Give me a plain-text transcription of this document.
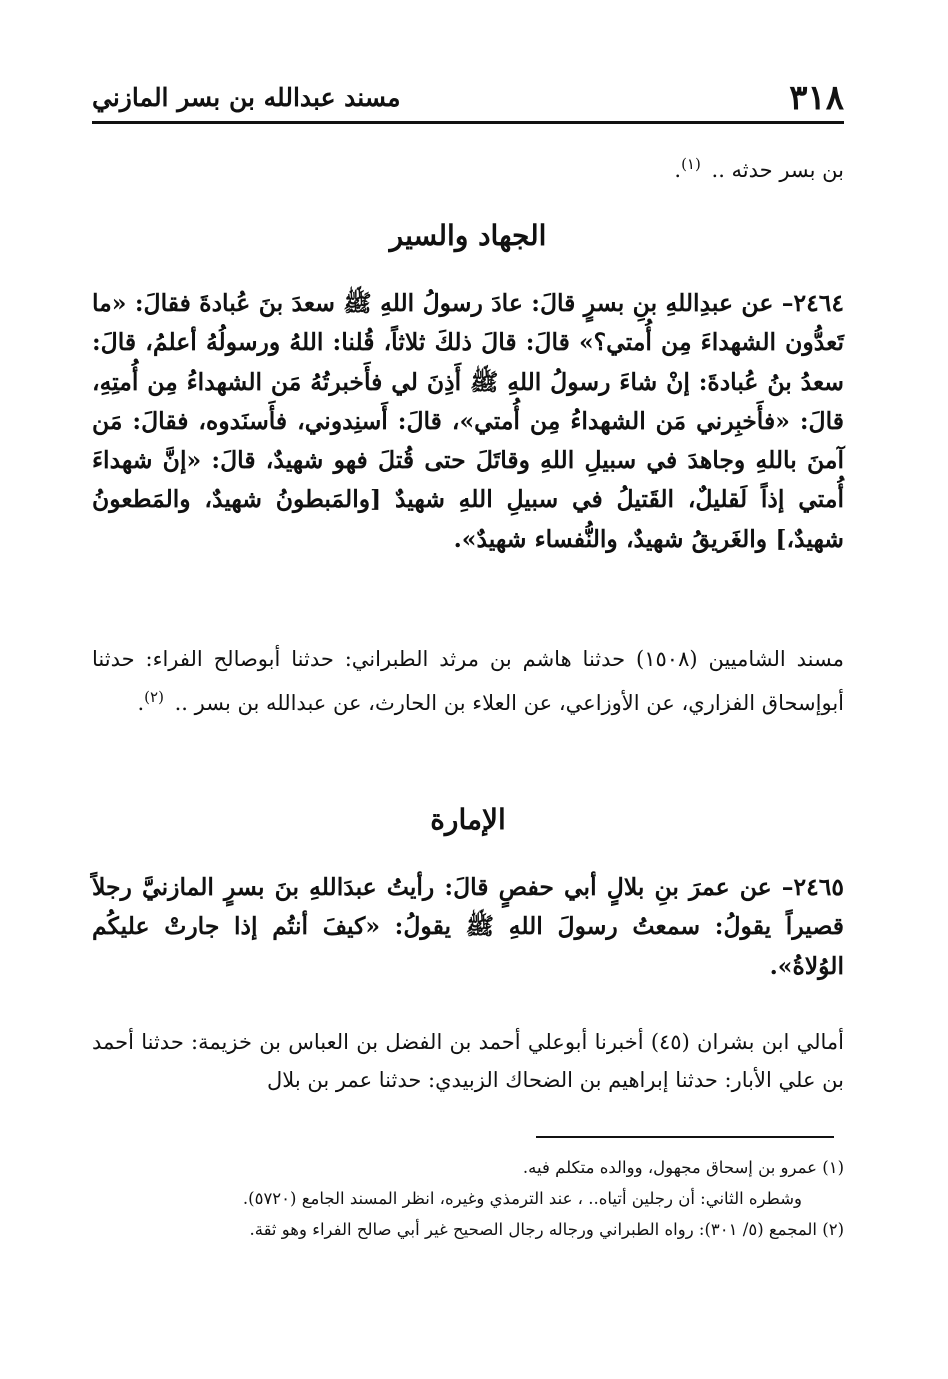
٣١٨
مسند عبدالله بن بسر المازني
بن بسر حدثه .. $^{(١)}$.
الجهاد والسير
٢٤٦٤– عن عبدِاللهِ بنِ بسرٍ قالَ: عادَ رسولُ اللهِ ﷺ سعدَ بنَ عُبادةَ فقالَ: «ما تَعدُّون الشهداءَ مِن أُمتي؟» قالَ: قالَ ذلكَ ثلاثاً، قُلنا: اللهُ ورسولُهُ أعلمُ، قالَ: سعدُ بنُ عُبادةَ: إنْ شاءَ رسولُ اللهِ ﷺ أَذِنَ لي فأَخبرتُهُ مَن الشهداءُ مِن أُمتِهِ، قالَ: «فأَخبِرني مَن الشهداءُ مِن أُمتي»، قالَ: أَسنِدوني، فأَسنَدوه، فقالَ: مَن آمنَ باللهِ وجاهدَ في سبيلِ اللهِ وقاتَلَ حتى قُتلَ فهو شهيدٌ، قالَ: «إنَّ شهداءَ أُمتي إذاً لَقليلٌ، القَتيلُ في سبيلِ اللهِ شهيدٌ [والمَبطونُ شهيدٌ، والمَطعونُ شهيدٌ،] والغَريقُ شهيدٌ، والنُّفساء شهيدٌ».
مسند الشاميين (١٥٠٨) حدثنا هاشم بن مرثد الطبراني: حدثنا أبوصالح الفراء: حدثنا أبوإسحاق الفزاري، عن الأوزاعي، عن العلاء بن الحارث، عن عبدالله بن بسر .. $^{(٢)}$.
الإمارة
٢٤٦٥– عن عمرَ بنِ بلالٍ أبي حفصٍ قالَ: رأيتُ عبدَاللهِ بنَ بسرٍ المازنيَّ رجلاً قصيراً يقولُ: سمعتُ رسولَ اللهِ ﷺ يقولُ: «كيفَ أنتُم إذا جارتْ عليكُم الوُلاةُ».
أمالي ابن بشران (٤٥) أخبرنا أبوعلي أحمد بن الفضل بن العباس بن خزيمة: حدثنا أحمد بن علي الأبار: حدثنا إبراهيم بن الضحاك الزبيدي: حدثنا عمر بن بلال
(١) عمرو بن إسحاق مجهول، ووالده متكلم فيه.
وشطره الثاني: أن رجلين أتياه.. ، عند الترمذي وغيره، انظر المسند الجامع (٥٧٢٠).
(٢) المجمع (٥/ ٣٠١): رواه الطبراني ورجاله رجال الصحيح غير أبي صالح الفراء وهو ثقة.
